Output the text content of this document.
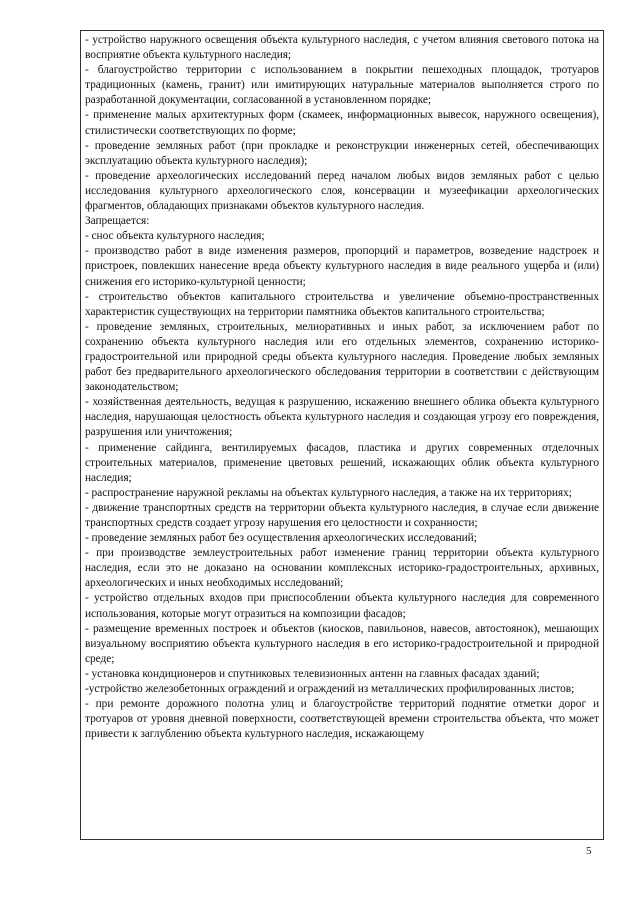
- устройство наружного освещения объекта культурного наследия, с учетом влияния светового потока на восприятие объекта культурного наследия;

- благоустройство территории с использованием в покрытии пешеходных площадок, тротуаров традиционных (камень, гранит) или имитирующих натуральные материалов выполняется строго по разработанной документации, согласованной в установленном порядке;

- применение малых архитектурных форм (скамеек, информационных вывесок, наружного освещения), стилистически соответствующих по форме;

- проведение земляных работ (при прокладке и реконструкции инженерных сетей, обеспечивающих эксплуатацию объекта культурного наследия);

- проведение археологических исследований перед началом любых видов земляных работ с целью исследования культурного археологического слоя, консервации и музеефикации археологических фрагментов, обладающих признаками объектов культурного наследия.

Запрещается:

- снос объекта культурного наследия;

- производство работ в виде изменения размеров, пропорций и параметров, возведение надстроек и пристроек, повлекших нанесение вреда объекту культурного наследия в виде реального ущерба и (или) снижения его историко-культурной ценности;

- строительство объектов капитального строительства и увеличение объемно-пространственных характеристик существующих на территории памятника объектов капитального строительства;

- проведение земляных, строительных, мелиоративных и иных работ, за исключением работ по сохранению объекта культурного наследия или его отдельных элементов, сохранению историко-градостроительной или природной среды объекта культурного наследия. Проведение любых земляных работ без предварительного археологического обследования территории в соответствии с действующим законодательством;

- хозяйственная деятельность, ведущая к разрушению, искажению внешнего облика объекта культурного наследия, нарушающая целостность объекта культурного наследия и создающая угрозу его повреждения, разрушения или уничтожения;

- применение сайдинга, вентилируемых фасадов, пластика и других современных отделочных строительных материалов, применение цветовых решений, искажающих облик объекта культурного наследия;

- распространение наружной рекламы на объектах культурного наследия, а также на их территориях;

- движение транспортных средств на территории объекта культурного наследия, в случае если движение транспортных средств создает угрозу нарушения его целостности и сохранности;

- проведение земляных работ без осуществления археологических исследований;

- при производстве землеустроительных работ изменение границ территории объекта культурного наследия, если это не доказано на основании комплексных историко-градостроительных, архивных, археологических и иных необходимых исследований;

- устройство отдельных входов при приспособлении объекта культурного наследия для современного использования, которые могут отразиться на композиции фасадов;

- размещение временных построек и объектов (киосков, павильонов, навесов, автостоянок), мешающих визуальному восприятию объекта культурного наследия в его историко-градостроительной и природной среде;

- установка кондиционеров и спутниковых телевизионных антенн на главных фасадах зданий;

-устройство железобетонных ограждений и ограждений из металлических профилированных листов;

- при ремонте дорожного полотна улиц и благоустройстве территорий поднятие отметки дорог и тротуаров от уровня дневной поверхности, соответствующей времени строительства объекта, что может привести к заглублению объекта культурного наследия, искажающему

5
